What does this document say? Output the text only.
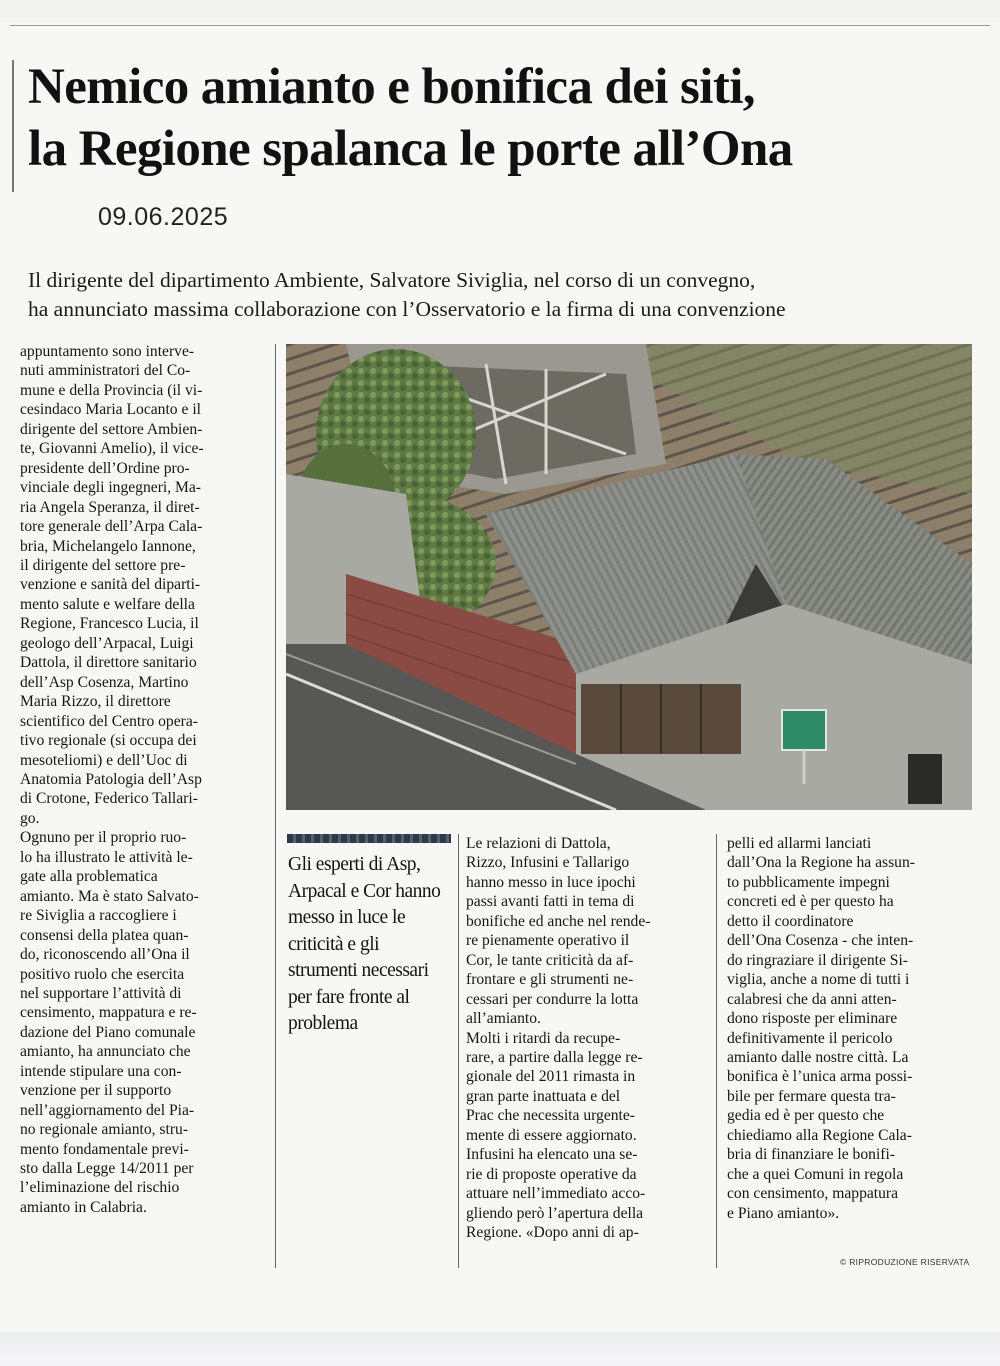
Nemico amianto e bonifica dei siti,
la Regione spalanca le porte all’Ona
09.06.2025
Il dirigente del dipartimento Ambiente, Salvatore Siviglia, nel corso di un convegno,
ha annunciato massima collaborazione con l’Osservatorio e la firma di una convenzione
appuntamento sono interve-
nuti amministratori del Co-
mune e della Provincia (il vi-
cesindaco Maria Locanto e il
dirigente del settore Ambien-
te, Giovanni Amelio), il vice-
presidente dell’Ordine pro-
vinciale degli ingegneri, Ma-
ria Angela Speranza, il diret-
tore generale dell’Arpa Cala-
bria, Michelangelo Iannone,
il dirigente del settore pre-
venzione e sanità del diparti-
mento salute e welfare della
Regione, Francesco Lucia, il
geologo dell’Arpacal, Luigi
Dattola, il direttore sanitario
dell’Asp Cosenza, Martino
Maria Rizzo, il direttore
scientifico del Centro opera-
tivo regionale (si occupa dei
mesoteliomi) e dell’Uoc di
Anatomia Patologia dell’Asp
di Crotone, Federico Tallari-
go.
Ognuno per il proprio ruo-
lo ha illustrato le attività le-
gate alla problematica
amianto. Ma è stato Salvato-
re Siviglia a raccogliere i
consensi della platea quan-
do, riconoscendo all’Ona il
positivo ruolo che esercita
nel supportare l’attività di
censimento, mappatura e re-
dazione del Piano comunale
amianto, ha annunciato che
intende stipulare una con-
venzione per il supporto
nell’aggiornamento del Pia-
no regionale amianto, stru-
mento fondamentale previ-
sto dalla Legge 14/2011 per
l’eliminazione del rischio
amianto in Calabria.
Gli esperti di Asp, Arpacal e Cor hanno messo in luce le criticità e gli strumenti necessari per fare fronte al problema
Le relazioni di Dattola,
Rizzo, Infusini e Tallarigo
hanno messo in luce ipochi
passi avanti fatti in tema di
bonifiche ed anche nel rende-
re pienamente operativo il
Cor, le tante criticità da af-
frontare e gli strumenti ne-
cessari per condurre la lotta
all’amianto.
Molti i ritardi da recupe-
rare, a partire dalla legge re-
gionale del 2011 rimasta in
gran parte inattuata e del
Prac che necessita urgente-
mente di essere aggiornato.
Infusini ha elencato una se-
rie di proposte operative da
attuare nell’immediato acco-
gliendo però l’apertura della
Regione. «Dopo anni di ap-
pelli ed allarmi lanciati
dall’Ona la Regione ha assun-
to pubblicamente impegni
concreti ed è per questo ha
detto il coordinatore
dell’Ona Cosenza - che inten-
do ringraziare il dirigente Si-
viglia, anche a nome di tutti i
calabresi che da anni atten-
dono risposte per eliminare
definitivamente il pericolo
amianto dalle nostre città. La
bonifica è l’unica arma possi-
bile per fermare questa tra-
gedia ed è per questo che
chiediamo alla Regione Cala-
bria di finanziare le bonifi-
che a quei Comuni in regola
con censimento, mappatura
e Piano amianto».
© RIPRODUZIONE RISERVATA
